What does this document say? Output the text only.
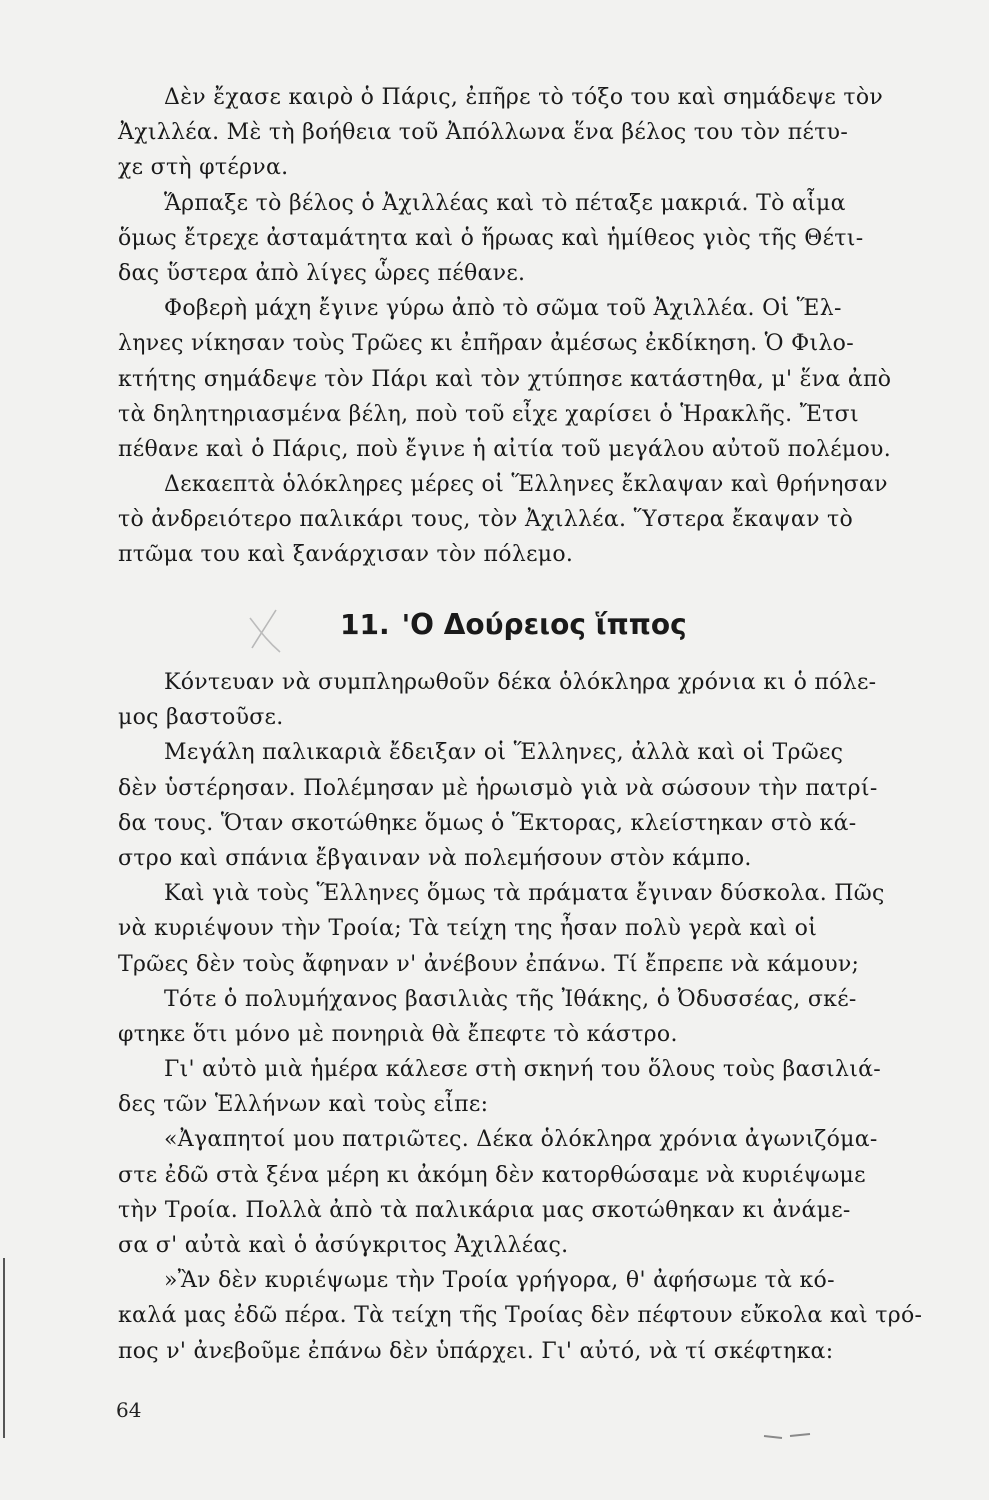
Δὲν ἔχασε καιρὸ ὁ Πάρις, ἐπῆρε τὸ τόξο του καὶ σημάδεψε τὸν
Ἀχιλλέα. Μὲ τὴ βοήθεια τοῦ Ἀπόλλωνα ἕνα βέλος του τὸν πέτυ-
χε στὴ φτέρνα.
Ἅρπαξε τὸ βέλος ὁ Ἀχιλλέας καὶ τὸ πέταξε μακριά. Τὸ αἷμα
ὅμως ἔτρεχε ἀσταμάτητα καὶ ὁ ἥρωας καὶ ἡμίθεος γιὸς τῆς Θέτι-
δας ὕστερα ἀπὸ λίγες ὧρες πέθανε.
Φοβερὴ μάχη ἔγινε γύρω ἀπὸ τὸ σῶμα τοῦ Ἀχιλλέα. Οἱ Ἕλ-
ληνες νίκησαν τοὺς Τρῶες κι ἐπῆραν ἀμέσως ἐκδίκηση. Ὁ Φιλο-
κτήτης σημάδεψε τὸν Πάρι καὶ τὸν χτύπησε κατάστηθα, μ' ἕνα ἀπὸ
τὰ δηλητηριασμένα βέλη, ποὺ τοῦ εἶχε χαρίσει ὁ Ἡρακλῆς. Ἔτσι
πέθανε καὶ ὁ Πάρις, ποὺ ἔγινε ἡ αἰτία τοῦ μεγάλου αὐτοῦ πολέμου.
Δεκαεπτὰ ὁλόκληρες μέρες οἱ Ἕλληνες ἔκλαψαν καὶ θρήνησαν
τὸ ἀνδρειότερο παλικάρι τους, τὸν Ἀχιλλέα. Ὕστερα ἔκαψαν τὸ
πτῶμα του καὶ ξανάρχισαν τὸν πόλεμο.
11. 'Ο Δούρειος ἵππος
Κόντευαν νὰ συμπληρωθοῦν δέκα ὁλόκληρα χρόνια κι ὁ πόλε-
μος βαστοῦσε.
Μεγάλη παλικαριὰ ἔδειξαν οἱ Ἕλληνες, ἀλλὰ καὶ οἱ Τρῶες
δὲν ὑστέρησαν. Πολέμησαν μὲ ἡρωισμὸ γιὰ νὰ σώσουν τὴν πατρί-
δα τους. Ὅταν σκοτώθηκε ὅμως ὁ Ἕκτορας, κλείστηκαν στὸ κά-
στρο καὶ σπάνια ἔβγαιναν νὰ πολεμήσουν στὸν κάμπο.
Καὶ γιὰ τοὺς Ἕλληνες ὅμως τὰ πράματα ἔγιναν δύσκολα. Πῶς
νὰ κυριέψουν τὴν Τροία; Τὰ τείχη της ἦσαν πολὺ γερὰ καὶ οἱ
Τρῶες δὲν τοὺς ἄφηναν ν' ἀνέβουν ἐπάνω. Τί ἔπρεπε νὰ κάμουν;
Τότε ὁ πολυμήχανος βασιλιὰς τῆς Ἰθάκης, ὁ Ὀδυσσέας, σκέ-
φτηκε ὅτι μόνο μὲ πονηριὰ θὰ ἔπεφτε τὸ κάστρο.
Γι' αὐτὸ μιὰ ἡμέρα κάλεσε στὴ σκηνή του ὅλους τοὺς βασιλιά-
δες τῶν Ἑλλήνων καὶ τοὺς εἶπε:
«Ἀγαπητοί μου πατριῶτες. Δέκα ὁλόκληρα χρόνια ἀγωνιζόμα-
στε ἐδῶ στὰ ξένα μέρη κι ἀκόμη δὲν κατορθώσαμε νὰ κυριέψωμε
τὴν Τροία. Πολλὰ ἀπὸ τὰ παλικάρια μας σκοτώθηκαν κι ἀνάμε-
σα σ' αὐτὰ καὶ ὁ ἀσύγκριτος Ἀχιλλέας.
»Ἂν δὲν κυριέψωμε τὴν Τροία γρήγορα, θ' ἀφήσωμε τὰ κό-
καλά μας ἐδῶ πέρα. Τὰ τείχη τῆς Τροίας δὲν πέφτουν εὔκολα καὶ τρό-
πος ν' ἀνεβοῦμε ἐπάνω δὲν ὑπάρχει. Γι' αὐτό, νὰ τί σκέφτηκα:
64
